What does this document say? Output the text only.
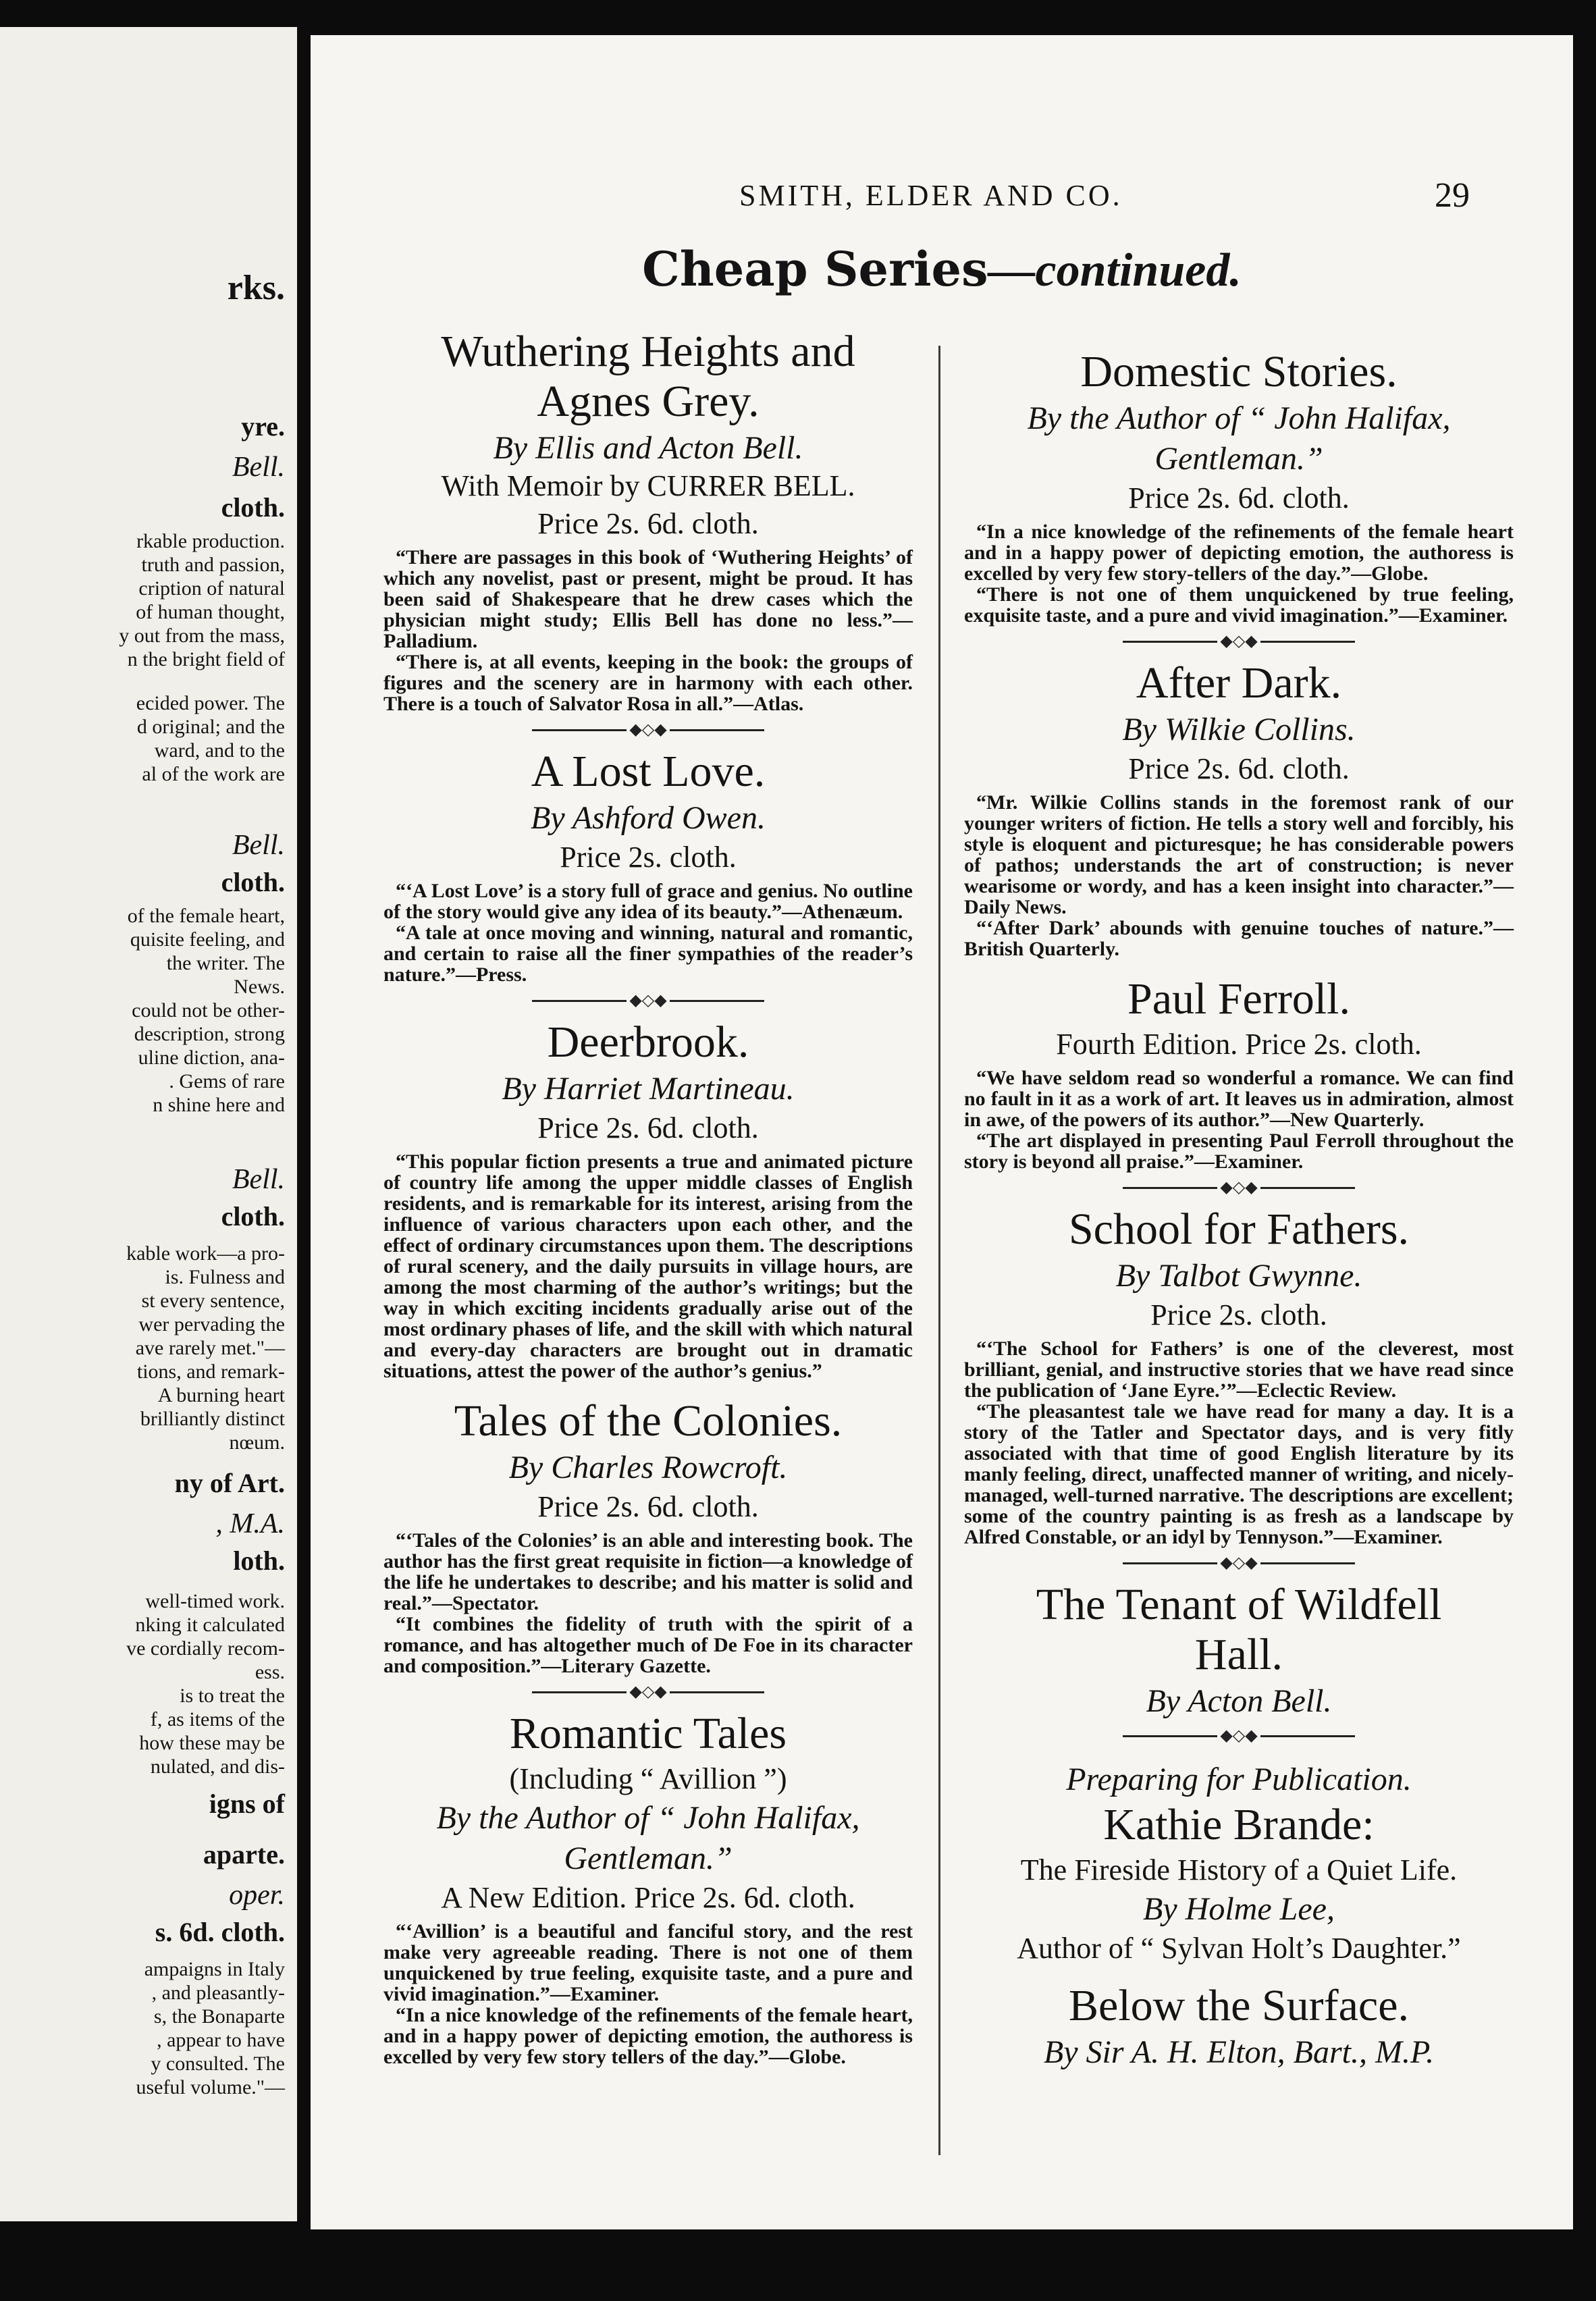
rks.
yre.
Bell.
cloth.
rkable production.
truth and passion,
cription of natural
of human thought,
y out from the mass,
n the bright field of
ecided power. The
d original; and the
ward, and to the
al of the work are
Bell.
cloth.
of the female heart,
quisite feeling, and
the writer. The
News.
could not be other-
description, strong
uline diction, ana-
. Gems of rare
n shine here and
Bell.
cloth.
kable work—a pro-
is. Fulness and
st every sentence,
wer pervading the
ave rarely met."—
tions, and remark-
A burning heart
brilliantly distinct
nœum.
ny of Art.
, M.A.
loth.
well-timed work.
nking it calculated
ve cordially recom-
ess.
is to treat the
f, as items of the
how these may be
nulated, and dis-
igns of
aparte.
oper.
s. 6d. cloth.
ampaigns in Italy
, and pleasantly-
s, the Bonaparte
, appear to have
y consulted. The
useful volume."—
SMITH, ELDER AND CO.	29
Cheap Series—continued.
Wuthering Heights and
Agnes Grey.
By Ellis and Acton Bell.
With Memoir by CURRER BELL.
Price 2s. 6d. cloth.

“There are passages in this book of ‘Wuthering Heights’ of which any novelist, past or present, might be proud. It has been said of Shakespeare that he drew cases which the physician might study; Ellis Bell has done no less.”—Palladium.

“There is, at all events, keeping in the book: the groups of figures and the scenery are in harmony with each other. There is a touch of Salvator Rosa in all.”—Atlas.

◆◇◆
A Lost Love.
By Ashford Owen.
Price 2s. cloth.

“‘A Lost Love’ is a story full of grace and genius. No outline of the story would give any idea of its beauty.”—Athenæum.

“A tale at once moving and winning, natural and romantic, and certain to raise all the finer sympathies of the reader’s nature.”—Press.

◆◇◆
Deerbrook.
By Harriet Martineau.
Price 2s. 6d. cloth.

“This popular fiction presents a true and animated picture of country life among the upper middle classes of English residents, and is remarkable for its interest, arising from the influence of various characters upon each other, and the effect of ordinary circumstances upon them. The descriptions of rural scenery, and the daily pursuits in village hours, are among the most charming of the author’s writings; but the way in which exciting incidents gradually arise out of the most ordinary phases of life, and the skill with which natural and every-day characters are brought out in dramatic situations, attest the power of the author’s genius.”

Tales of the Colonies.
By Charles Rowcroft.
Price 2s. 6d. cloth.

“‘Tales of the Colonies’ is an able and interesting book. The author has the first great requisite in fiction—a knowledge of the life he undertakes to describe; and his matter is solid and real.”—Spectator.

“It combines the fidelity of truth with the spirit of a romance, and has altogether much of De Foe in its character and composition.”—Literary Gazette.

◆◇◆
Romantic Tales
(Including “ Avillion ”)
By the Author of “ John Halifax,
Gentleman.”
A New Edition. Price 2s. 6d. cloth.

“‘Avillion’ is a beautiful and fanciful story, and the rest make very agreeable reading. There is not one of them unquickened by true feeling, exquisite taste, and a pure and vivid imagination.”—Examiner.

“In a nice knowledge of the refinements of the female heart, and in a happy power of depicting emotion, the authoress is excelled by very few story tellers of the day.”—Globe.

Domestic Stories.
By the Author of “ John Halifax,
Gentleman.”
Price 2s. 6d. cloth.

“In a nice knowledge of the refinements of the female heart and in a happy power of depicting emotion, the authoress is excelled by very few story-tellers of the day.”—Globe.

“There is not one of them unquickened by true feeling, exquisite taste, and a pure and vivid imagination.”—Examiner.

◆◇◆
After Dark.
By Wilkie Collins.
Price 2s. 6d. cloth.

“Mr. Wilkie Collins stands in the foremost rank of our younger writers of fiction. He tells a story well and forcibly, his style is eloquent and picturesque; he has considerable powers of pathos; understands the art of construction; is never wearisome or wordy, and has a keen insight into character.”—Daily News.

“‘After Dark’ abounds with genuine touches of nature.”—British Quarterly.

Paul Ferroll.
Fourth Edition. Price 2s. cloth.

“We have seldom read so wonderful a romance. We can find no fault in it as a work of art. It leaves us in admiration, almost in awe, of the powers of its author.”—New Quarterly.

“The art displayed in presenting Paul Ferroll throughout the story is beyond all praise.”—Examiner.

◆◇◆
School for Fathers.
By Talbot Gwynne.
Price 2s. cloth.

“‘The School for Fathers’ is one of the cleverest, most brilliant, genial, and instructive stories that we have read since the publication of ‘Jane Eyre.’”—Eclectic Review.

“The pleasantest tale we have read for many a day. It is a story of the Tatler and Spectator days, and is very fitly associated with that time of good English literature by its manly feeling, direct, unaffected manner of writing, and nicely-managed, well-turned narrative. The descriptions are excellent; some of the country painting is as fresh as a landscape by Alfred Constable, or an idyl by Tennyson.”—Examiner.

◆◇◆
The Tenant of Wildfell
Hall.
By Acton Bell.
◆◇◆
Preparing for Publication.
Kathie Brande:
The Fireside History of a Quiet Life.
By Holme Lee,
Author of “ Sylvan Holt’s Daughter.”
Below the Surface.
By Sir A. H. Elton, Bart., M.P.
